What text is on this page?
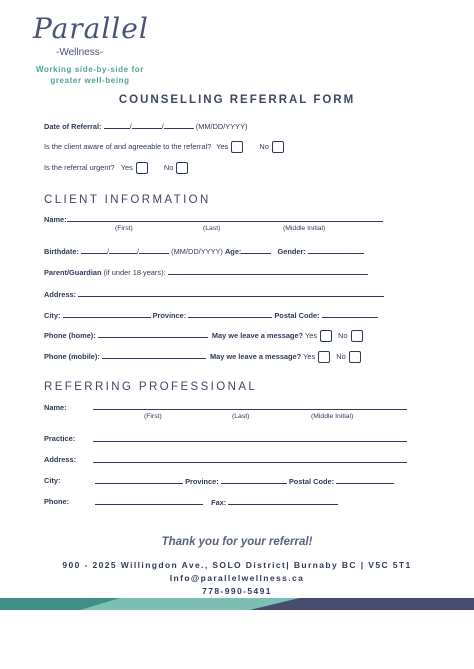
Parallel
-Wellness-
Working side-by-side for
greater well-being
COUNSELLING REFERRAL FORM
Date of Referral:	/	/	(MM/DD/YYYY)
Is the client aware of and agreeable to the referral? Yes	No
Is the referral urgent? Yes	No
CLIENT INFORMATION
Name:
(First)	(Last)	(Middle Initial)
Birthdate:	/	/	(MM/DD/YYYY) Age:	Gender:
Parent/Guardian (if under 18 years):
Address:
City:	Province:	Postal Code:
Phone (home):	May we leave a message? Yes	No
Phone (mobile):	May we leave a message? Yes	No
REFERRING PROFESSIONAL
Name:
(First)	(Last)	(Middle Initial)
Practice:
Address:
City:	Province:	Postal Code:
Phone:	Fax:
Thank you for your referral!
900 - 2025 Willingdon Ave., SOLO District| Burnaby BC | V5C 5T1
Info@parallelwellness.ca
778-990-5491
